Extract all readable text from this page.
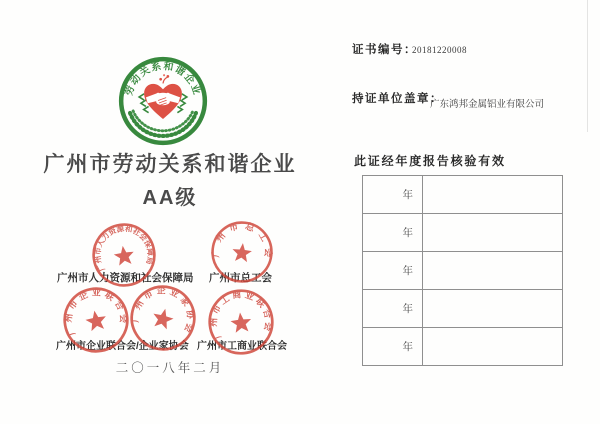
劳动关系和谐企业
广州市劳动关系和谐企业
AA级
广州市人力资源和社会保障局 广州市总工会
广州市企业联合会/企业家协会 广州市工商业联合会
广州市人力资源和社会保障局
广州市总工会
广州市企业联合会 广州市企业家协会	广州市工商业联合会
二〇一八年二月
证书编号：
20181220008
持证单位盖章：
广东鸿邦金属铝业有限公司
此证经年度报告核验有效
年	
年	
年	
年	
年	
